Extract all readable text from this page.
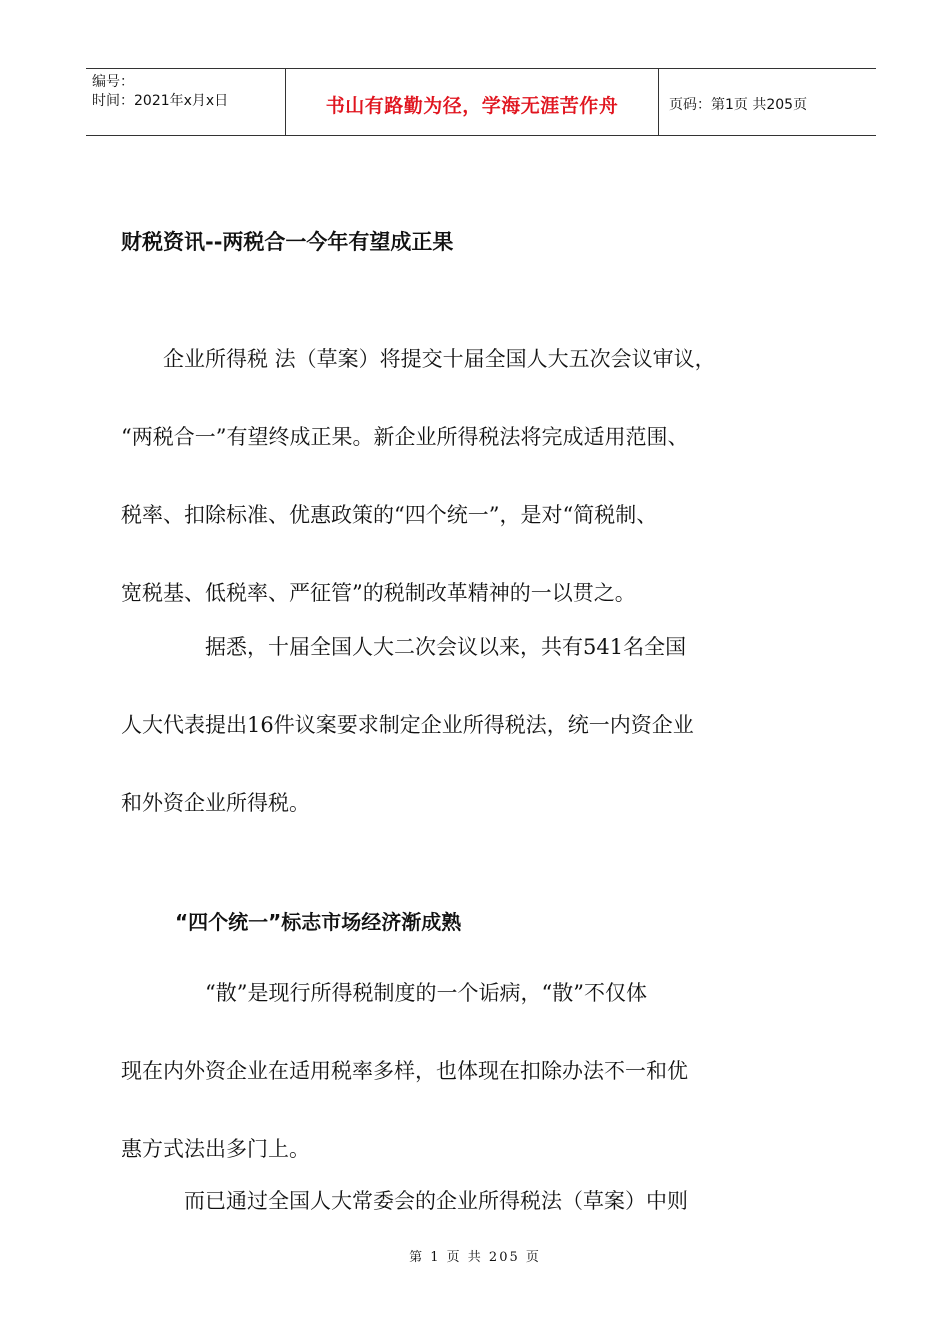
编号：
时间：2021年x月x日	书山有路勤为径，学海无涯苦作舟	页码：第1页 共205页
财税资讯--两税合一今年有望成正果

　　企业所得税 法（草案）将提交十届全国人大五次会议审议，
“两税合一”有望终成正果。新企业所得税法将完成适用范围、
税率、扣除标准、优惠政策的“四个统一”，是对“简税制、
宽税基、低税率、严征管”的税制改革精神的一以贯之。

　　　　据悉，十届全国人大二次会议以来，共有541名全国
人大代表提出16件议案要求制定企业所得税法，统一内资企业
和外资企业所得税。

“四个统一”标志市场经济渐成熟

　　　　“散”是现行所得税制度的一个诟病，“散”不仅体
现在内外资企业在适用税率多样，也体现在扣除办法不一和优
惠方式法出多门上。

　　　而已通过全国人大常委会的企业所得税法（草案）中则

第 1 页 共 205 页
